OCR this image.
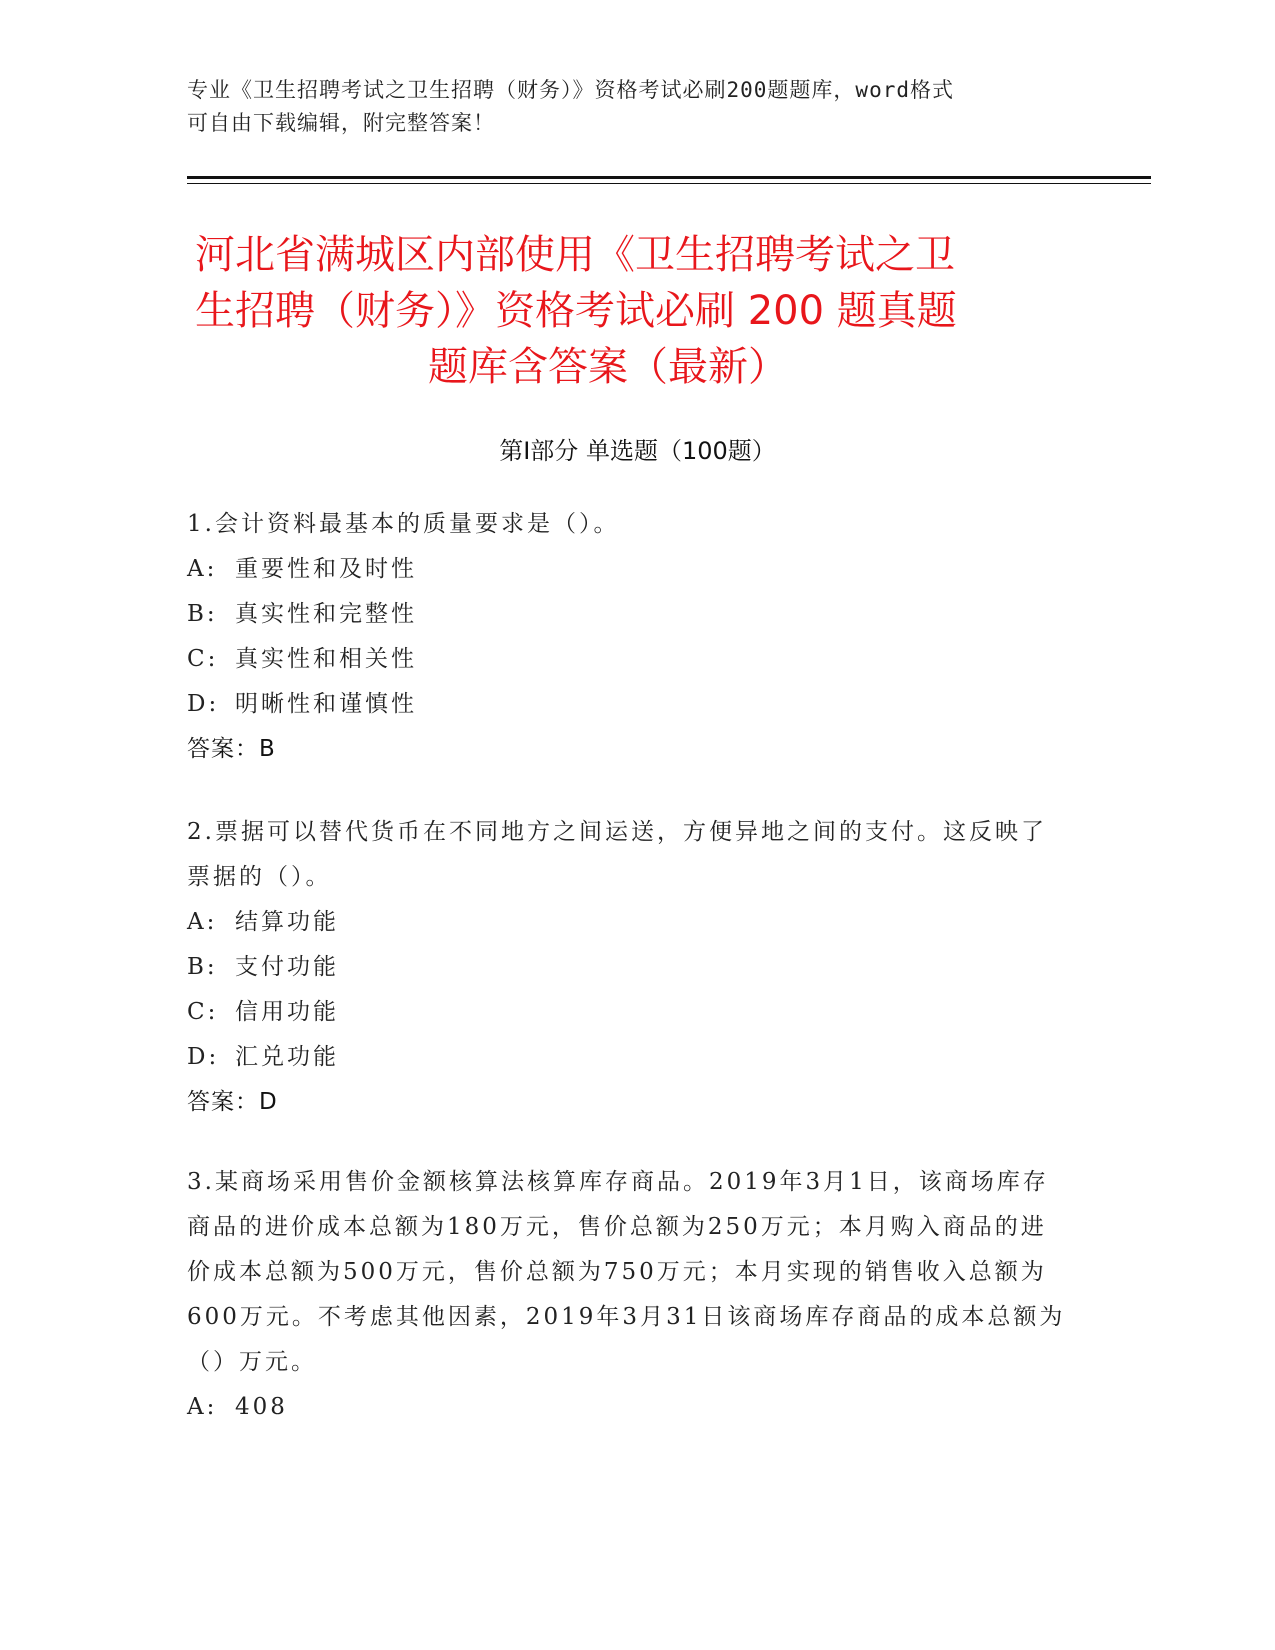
专业《卫生招聘考试之卫生招聘（财务）》资格考试必刷200题题库，word格式
可自由下载编辑，附完整答案！
河北省满城区内部使用《卫生招聘考试之卫
生招聘（财务）》资格考试必刷 200 题真题
题库含答案（最新）
第Ⅰ部分 单选题（100题）

1.会计资料最基本的质量要求是（）。

A: 重要性和及时性

B: 真实性和完整性

C: 真实性和相关性

D: 明晰性和谨慎性

答案：B

2.票据可以替代货币在不同地方之间运送，方便异地之间的支付。这反映了票据的（）。

A: 结算功能

B: 支付功能

C: 信用功能

D: 汇兑功能

答案：D

3.某商场采用售价金额核算法核算库存商品。2019年3月1日，该商场库存商品的进价成本总额为180万元，售价总额为250万元；本月购入商品的进价成本总额为500万元，售价总额为750万元；本月实现的销售收入总额为600万元。不考虑其他因素，2019年3月31日该商场库存商品的成本总额为（）万元。

A: 408
